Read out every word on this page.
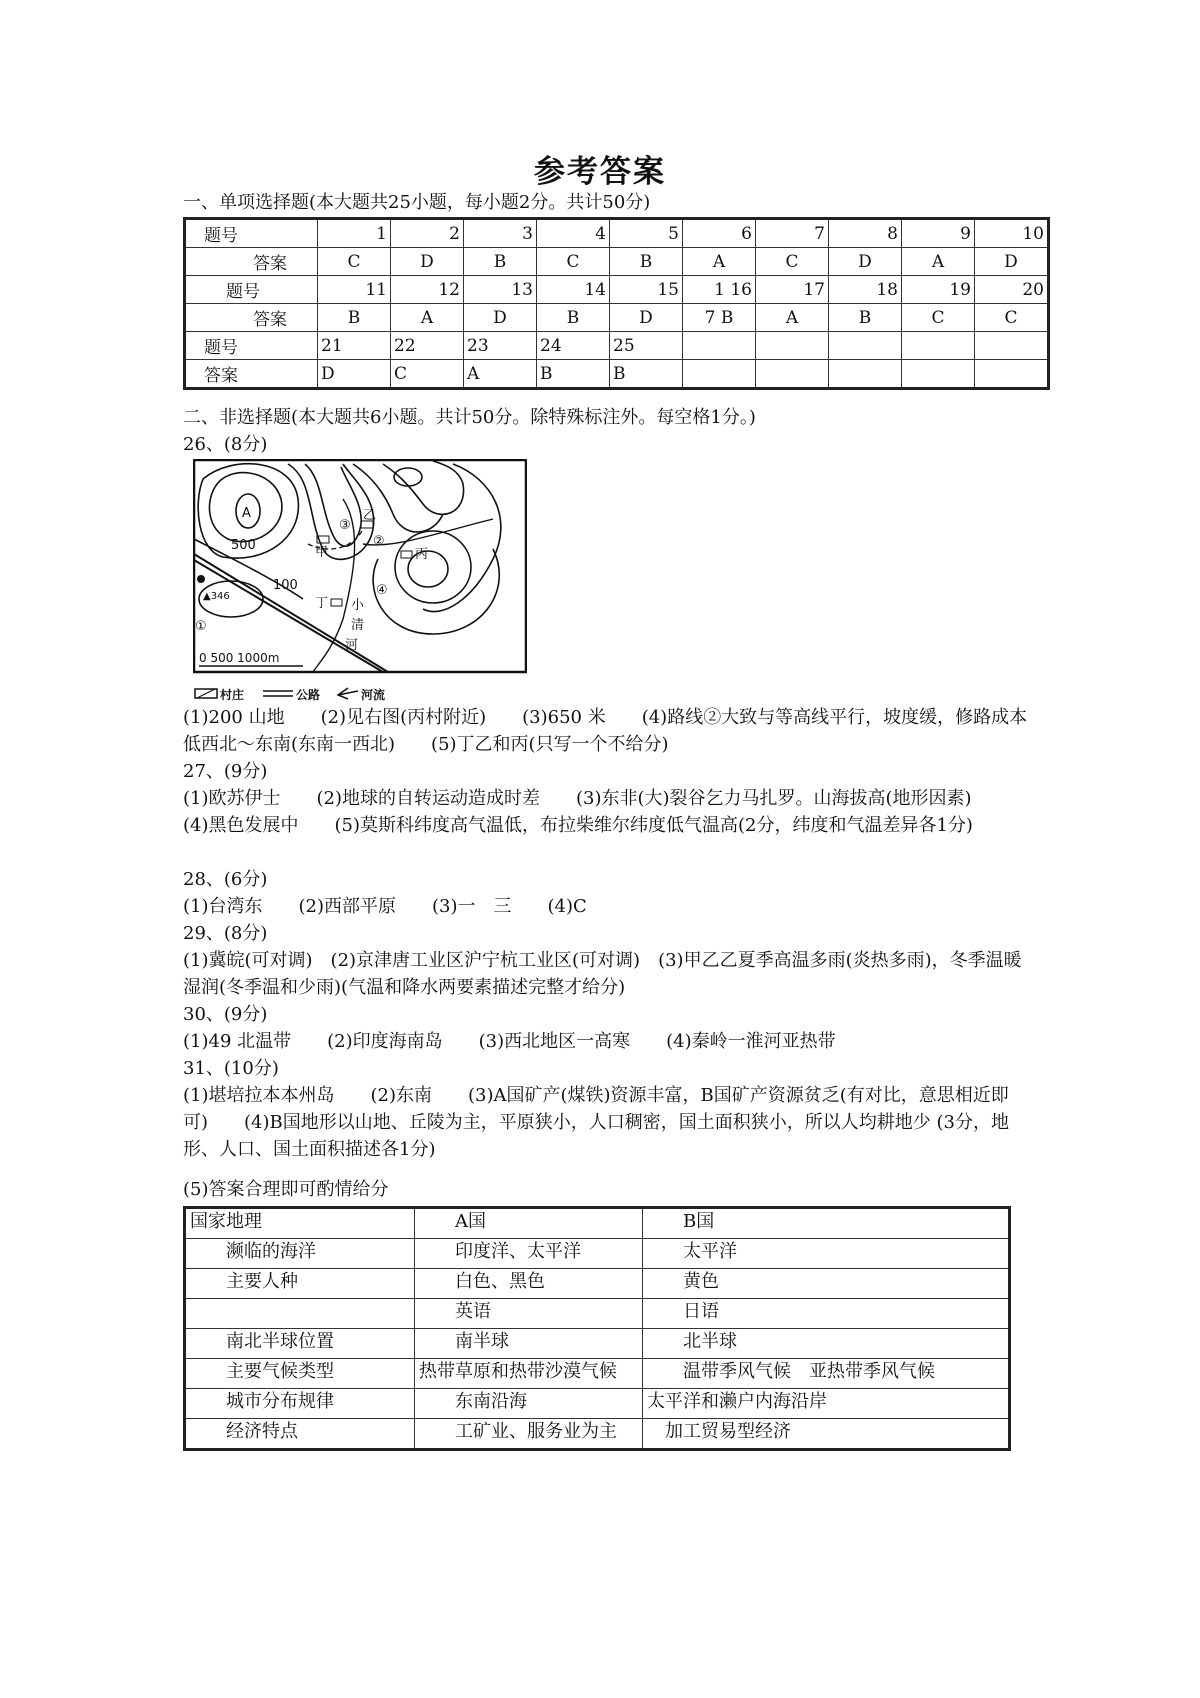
参考答案
一、单项选择题(本大题共25小题，每小题2分。共计50分)
题号	1	2	3	4	5	6	7	8	9	10
答案	C	D	B	C	B	A	C	D	A	D
题号	11	12	13	14	15	1 16	17	18	19	20
答案	B	A	D	B	D	7 B	A	B	C	C
题号	21	22	23	24	25					
答案	D	C	A	B	B					
二、非选择题(本大题共6小题。共计50分。除特殊标注外。每空格1分。)
26、(8分)
A
500
100
▲346
①
②
③
④
甲
乙
丙
丁 小
清
河
0 500 1000m
村庄	公路	河流
(1)200 山地　　(2)见右图(丙村附近)　　(3)650 米　　(4)路线②大致与等高线平行，坡度缓，修路成本低西北～东南(东南一西北)　　(5)丁乙和丙(只写一个不给分)
27、(9分)
(1)欧苏伊士　　(2)地球的自转运动造成时差　　(3)东非(大)裂谷乞力马扎罗。山海拔高(地形因素)　　(4)黑色发展中　　(5)莫斯科纬度高气温低，布拉柴维尔纬度低气温高(2分，纬度和气温差异各1分)
28、(6分)
(1)台湾东　　(2)西部平原　　(3)一　三　　(4)C
29、(8分)
(1)冀皖(可对调)　(2)京津唐工业区沪宁杭工业区(可对调)　(3)甲乙乙夏季高温多雨(炎热多雨)，冬季温暖湿润(冬季温和少雨)(气温和降水两要素描述完整才给分)
30、(9分)
(1)49 北温带　　(2)印度海南岛　　(3)西北地区一高寒　　(4)秦岭一淮河亚热带
31、(10分)
(1)堪培拉本本州岛　　(2)东南　　(3)A国矿产(煤铁)资源丰富，B国矿产资源贫乏(有对比，意思相近即可)　　(4)B国地形以山地、丘陵为主，平原狭小，人口稠密，国土面积狭小，所以人均耕地少 (3分，地形、人口、国土面积描述各1分)
(5)答案合理即可酌情给分
国家地理	A国	B国
　　濒临的海洋	　　印度洋、太平洋	　　太平洋
　　主要人种	　　白色、黑色	　　黄色
	　　英语	　　日语
　　南北半球位置	　　南半球	　　北半球
　　主要气候类型	热带草原和热带沙漠气候	　　温带季风气候　亚热带季风气候
　　城市分布规律	　　东南沿海	太平洋和濑户内海沿岸
　　经济特点	　　工矿业、服务业为主	　加工贸易型经济
